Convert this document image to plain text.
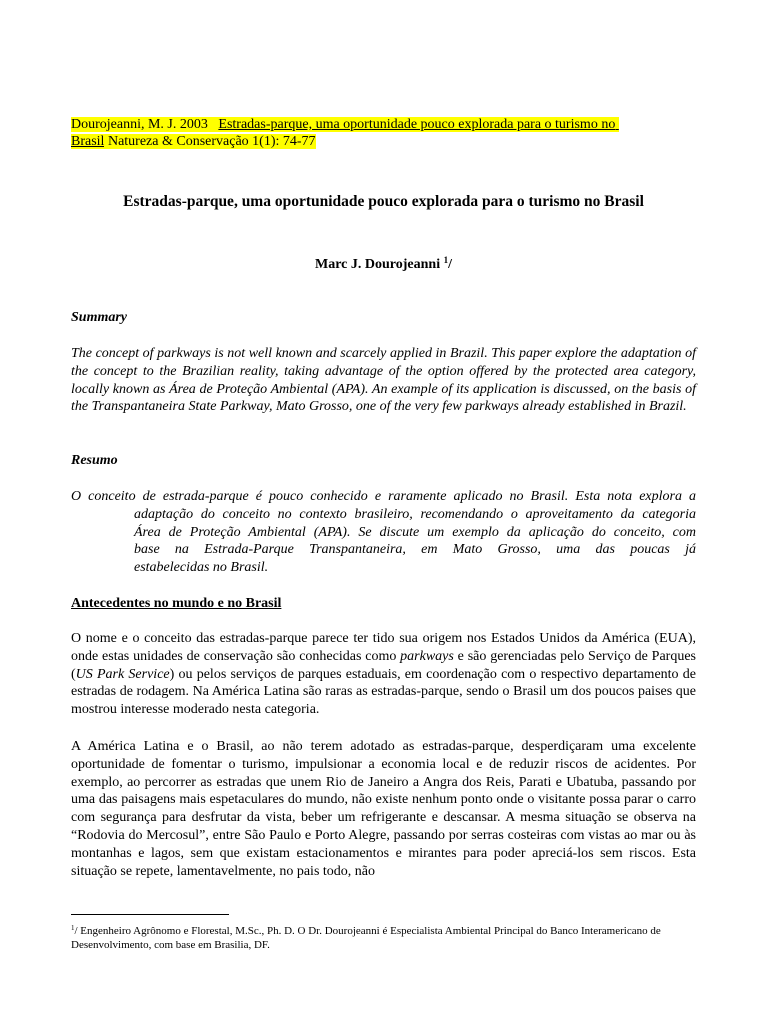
Dourojeanni, M. J. 2003 Estradas-parque, uma oportunidade pouco explorada para o turismo no
Brasil Natureza & Conservação 1(1): 74-77
Estradas-parque, uma oportunidade pouco explorada para o turismo no Brasil
Marc J. Dourojeanni $^1$/
Summary
The concept of parkways is not well known and scarcely applied in Brazil. This paper explore the adaptation of the concept to the Brazilian reality, taking advantage of the option offered by the protected area category, locally known as Área de Proteção Ambiental (APA). An example of its application is discussed, on the basis of the Transpantaneira State Parkway, Mato Grosso, one of the very few parkways already established in Brazil.
Resumo
O conceito de estrada-parque é pouco conhecido e raramente aplicado no Brasil. Esta nota explora a
adaptação do conceito no contexto brasileiro, recomendando o aproveitamento da categoria
Área de Proteção Ambiental (APA). Se discute um exemplo da aplicação do conceito, com
base na Estrada-Parque Transpantaneira, em Mato Grosso, uma das poucas já
estabelecidas no Brasil.
Antecedentes no mundo e no Brasil
O nome e o conceito das estradas-parque parece ter tido sua origem nos Estados Unidos da América (EUA), onde estas unidades de conservação são conhecidas como parkways e são gerenciadas pelo Serviço de Parques (US Park Service) ou pelos serviços de parques estaduais, em coordenação com o respectivo departamento de estradas de rodagem. Na América Latina são raras as estradas-parque, sendo o Brasil um dos poucos paises que mostrou interesse moderado nesta categoria.
A América Latina e o Brasil, ao não terem adotado as estradas-parque, desperdiçaram uma excelente oportunidade de fomentar o turismo, impulsionar a economia local e de reduzir riscos de acidentes. Por exemplo, ao percorrer as estradas que unem Rio de Janeiro a Angra dos Reis, Parati e Ubatuba, passando por uma das paisagens mais espetaculares do mundo, não existe nenhum ponto onde o visitante possa parar o carro com segurança para desfrutar da vista, beber um refrigerante e descansar. A mesma situação se observa na “Rodovia do Mercosul”, entre São Paulo e Porto Alegre, passando por serras costeiras com vistas ao mar ou às montanhas e lagos, sem que existam estacionamentos e mirantes para poder apreciá-los sem riscos. Esta situação se repete, lamentavelmente, no pais todo, não
$^1$/ Engenheiro Agrônomo e Florestal, M.Sc., Ph. D. O Dr. Dourojeanni é Especialista Ambiental Principal do Banco Interamericano de Desenvolvimento, com base em Brasilia, DF.
